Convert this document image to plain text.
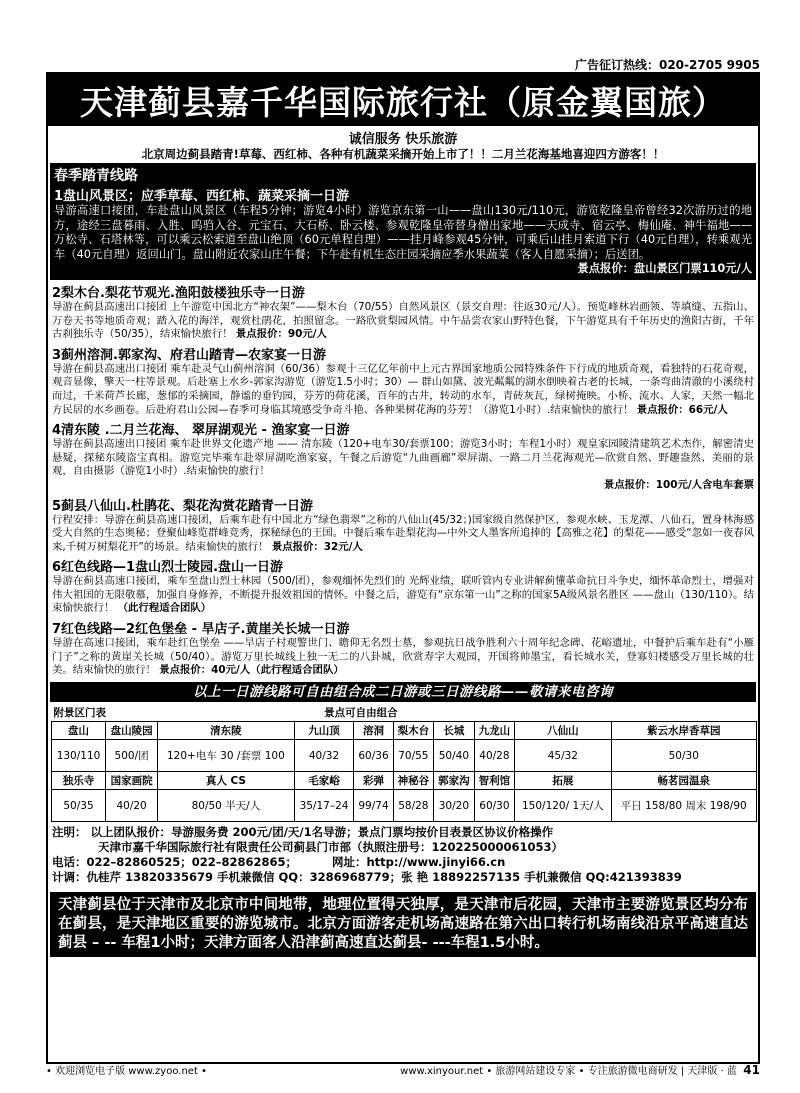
广告征订热线：020-2705 9905
天津蓟县嘉千华国际旅行社（原金翼国旅）
诚信服务 快乐旅游
北京周边蓟县踏青!草莓、西红柿、各种有机蔬菜采摘开始上市了！！二月兰花海基地喜迎四方游客！！
春季踏青线路
1盘山风景区；应季草莓、西红柿、蔬菜采摘一日游
导游高速口接团，车赴盘山风景区（车程5分钟；游览4小时）游览京东第一山——盘山130元/110元，游览乾隆皇帝曾经32次游历过的地方，途经三盘暮雨、入胜、呜驺入谷、元宝石、大石桥、卧云楼、参观乾隆皇帝替身僧出家地——天成寺、宿云亭、梅仙庵、神牛福地——万松寺、石塔林等，可以乘云松索道至盘山绝顶（60元单程自理）——挂月峰参观45分钟，可乘后山挂月索道下行（40元自理），转乘观光车（40元自理）返回山门。盘山附近农家山庄午餐；下午赴有机生态庄园采摘应季水果蔬菜（客人自愿采摘）；后送团。
景点报价：盘山景区门票110元/人
2梨木台.梨花节观光.渔阳鼓楼独乐寺一日游
导游在蓟县高速出口接团 上午游览中国北方“神农架”——梨木台（70/55）自然风景区（景交自理：往返30元/人）。预览峰林岩画领、等填缝、五指山、万卷天书等地质奇观；踏入花的海洋，观赏杜鹃花，拍照留念。一路欣赏梨园风情。中午品尝农家山野特色餐，下午游览具有千年历史的渔阳古街，千年古刹独乐寺（50/35），结束愉快旅行！ 景点报价：90元/人
3蓟州溶洞.郭家沟、府君山踏青—农家宴一日游
导游在蓟县高速出口接团 乘车赴灵气山蓟州溶洞（60/36）参观十三亿亿年前中上元古界国家地质公园特殊条件下行成的地质奇观，看独特的石花奇观，观音显像，擎天一柱等景观。后赴塞上水乡-郭家沟游览（游览1.5小时；30）— 群山如黛、波光粼粼的湖水倒映着古老的长城，一条弯曲清澈的小溪绕村而过，千米荷芦长廊，葱郁的采摘园，静谧的垂钓园，芬芳的荷花溪，百年的古井，转动的水车，青砖灰瓦，绿树掩映。小桥、流水、人家，天然一幅北方民居的水乡画卷。后赴府君山公园—春季可身临其境感受争奇斗艳、各种果树花海的芬芳！（游览1小时）.结束愉快的旅行！ 景点报价：66元/人
4清东陵 .二月兰花海、 翠屏湖观光 - 渔家宴一日游
导游在蓟县高速出口接团 乘车赴世界文化遗产地 —— 清东陵（120+电车30/套票100；游览3小时；车程1小时）观皇家园陵清建筑艺术杰作，解密清史悬疑，探秘东陵盗宝真相。游览完毕乘车赴翠屏湖吃渔家宴，午餐之后游览“九曲画廊”翠屏湖、一路二月兰花海观光—欣赏自然、野趣盎然、美丽的景观，自由摄影（游览1小时）.结束愉快的旅行！
景点报价：100元/人含电车套票
5蓟县八仙山.杜鹃花、梨花沟赏花踏青一日游
行程安排：导游在蓟县高速口接团，后乘车赴有中国北方“绿色翡翠”之称的八仙山(45/32；)国家级自然保护区，参观水峡、玉龙潭、八仙石，置身林海感受大自然的生态奥秘；登聚仙峰览群峰竞秀，探秘绿色的王国。中餐后乘车赴梨花沟—中外文人墨客所追捧的【高雅之花】的梨花——感受“忽如一夜春风来,千树万树梨花开”的场景。结束愉快的旅行！ 景点报价：32元/人
6红色线路—1盘山烈士陵园.盘山一日游
导游在蓟县高速口接团，乘车至盘山烈士林园（500/团），参观缅怀先烈们的 光辉业绩，联听管内专业讲解蓟懂革命抗日斗争史，缅怀革命烈士，增强对伟大祖国的无限敬慕，加强自身修养，不断提升报效祖国的情怀。中餐之后，游览有“京东第一山”之称的国家5A级风景名胜区 ——盘山（130/110）。结束愉快旅行！ （此行程适合团队）
7红色线路—2红色堡垒 - 旱店子.黄崖关长城一日游
导游在高速口接团，乘车赴红色堡垒 ——旱店子村观警世门、瞻仰无名烈士墓，参观抗日战争胜利六十周年纪念碑、花峪遗址，中餐护后乘车赴有“小雁门子”之称的黄崖关长城（50/40）。游览万里长城线上独一无二的八卦城，欣赏寿字大观园，开国将帅墨宝，看长城水关，登寡妇楼感受万里长城的壮美。结束愉快的旅行！ 景点报价：40元/人（此行程适合团队）
以上一日游线路可自由组合成二日游或三日游线路——敬请来电咨询
附景区门表			景点可自由组合						
盘山	盘山陵园	清东陵	九山顶	溶洞	梨木台	长城	九龙山	八仙山	紫云水岸香草园
130/110	500/团	120+电车 30 /套票 100	40/32	60/36	70/55	50/40	40/28	45/32	50/30
独乐寺	国家画院	真人 CS	毛家峪	彩弹	神秘谷	郭家沟	智利馆	拓展	畅茗园温泉
50/35	40/20	80/50 半天/人	35/17–24	99/74	58/28	30/20	60/30	150/120/ 1天/人	平日 158/80 周末 198/90
注明： 以上团队报价：导游服务费 200元/团/天/1名导游；景点门票均按价目表景区协议价格操作
天津市嘉千华国际旅行社有限责任公司蓟县门市部（执照注册号：120225000061053）
电话：022–82860525；022–82862865；	网址：http://www.jinyi66.cn
计调：仇桂芹 13820335679 手机兼微信 QQ：3286968779；张 艳 18892257135 手机兼微信 QQ:421393839
天津蓟县位于天津市及北京市中间地带，地理位置得天独厚，是天津市后花园，天津市主要游览景区均分布在蓟县，是天津地区重要的游览城市。北京方面游客走机场高速路在第六出口转行机场南线沿京平高速直达蓟县 – -- 车程1小时；天津方面客人沿津蓟高速直达蓟县- ---车程1.5小时。
• 欢迎浏览电子版 www.zyoo.net •	www.xinyour.net • 旅游网站建设专家 • 专注旅游微电商研发 | 天津版 · 蓝 41
